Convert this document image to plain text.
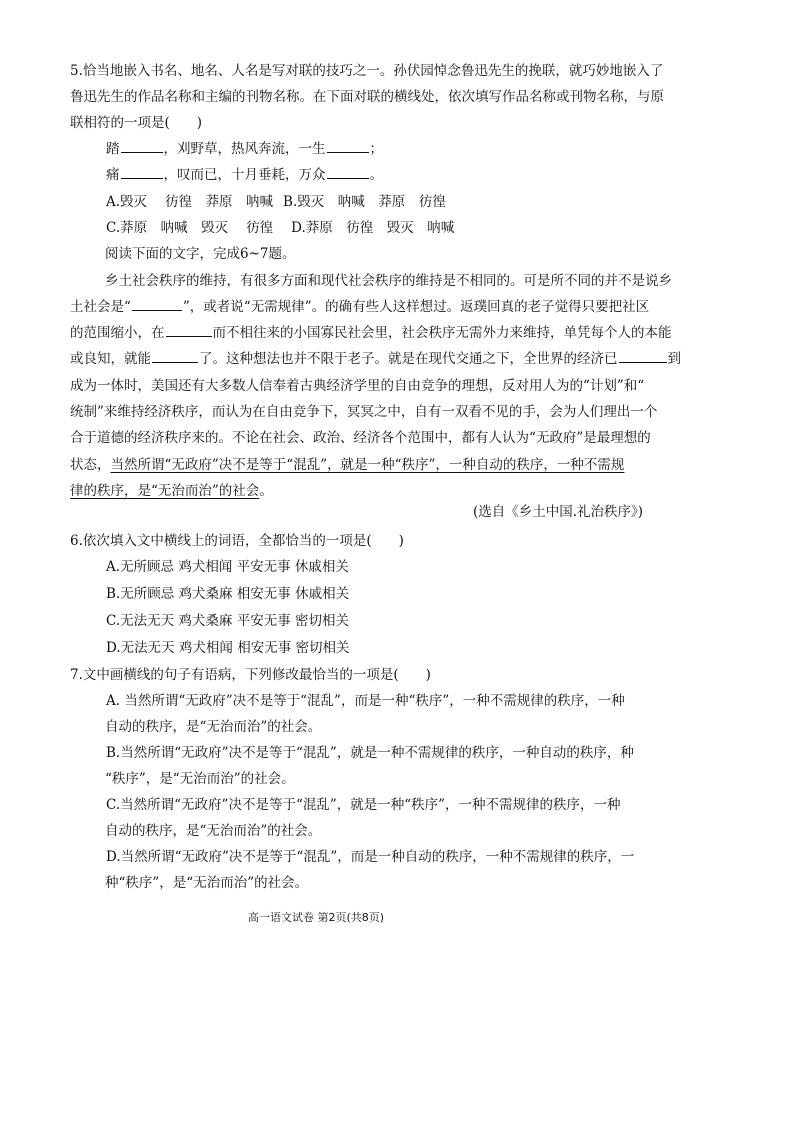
5.恰当地嵌入书名、地名、人名是写对联的技巧之一。孙伏园悼念鲁迅先生的挽联，就巧妙地嵌入了
鲁迅先生的作品名称和主编的刊物名称。在下面对联的横线处，依次填写作品名称或刊物名称，与原
联相符的一项是(　　)
踏	，刈野草，热风奔流，一生	；
痛	，叹而已，十月垂耗，万众	。
A.毁灭 彷徨　莽原　呐喊 B.毁灭　呐喊　莽原　彷徨
C.莽原　呐喊　毁灭 彷徨 D.莽原　彷徨　毁灭　呐喊
阅读下面的文字，完成6~7题。
乡土社会秩序的维持，有很多方面和现代社会秩序的维持是不相同的。可是所不同的并不是说乡
土社会是“	”，或者说“无需规律”。的确有些人这样想过。返璞回真的老子觉得只要把社区
的范围缩小，在	而不相往来的小国寡民社会里，社会秩序无需外力来维持，单凭每个人的本能
或良知，就能	了。这种想法也并不限于老子。就是在现代交通之下，全世界的经济已	到
成为一体时，美国还有大多数人信奉着古典经济学里的自由竞争的理想，反对用人为的“计划”和“
统制”来维持经济秩序，而认为在自由竞争下，冥冥之中，自有一双看不见的手，会为人们理出一个
合于道德的经济秩序来的。不论在社会、政治、经济各个范围中，都有人认为“无政府”是最理想的
状态，当然所谓“无政府”决不是等于“混乱”，就是一种“秩序”，一种自动的秩序，一种不需规
律的秩序，是“无治而治”的社会。
(选自《乡土中国.礼治秩序》)
6.依次填入文中横线上的词语，全都恰当的一项是(　　)
A.无所顾忌 鸡犬相闻 平安无事 休戚相关
B.无所顾忌 鸡犬桑麻 相安无事 休戚相关
C.无法无天 鸡犬桑麻 平安无事 密切相关
D.无法无天 鸡犬相闻 相安无事 密切相关
7.文中画横线的句子有语病，下列修改最恰当的一项是(　　)
A. 当然所谓“无政府”决不是等于“混乱”，而是一种“秩序”，一种不需规律的秩序，一种
自动的秩序，是“无治而治”的社会。
B.当然所谓“无政府”决不是等于“混乱”，就是一种不需规律的秩序，一种自动的秩序，种
“秩序”，是“无治而治”的社会。
C.当然所谓“无政府”决不是等于“混乱”，就是一种“秩序”，一种不需规律的秩序，一种
自动的秩序，是“无治而治”的社会。
D.当然所谓“无政府”决不是等于“混乱”，而是一种自动的秩序，一种不需规律的秩序，一
种“秩序”，是“无治而治”的社会。
高一语文试卷 第2页(共8页)
